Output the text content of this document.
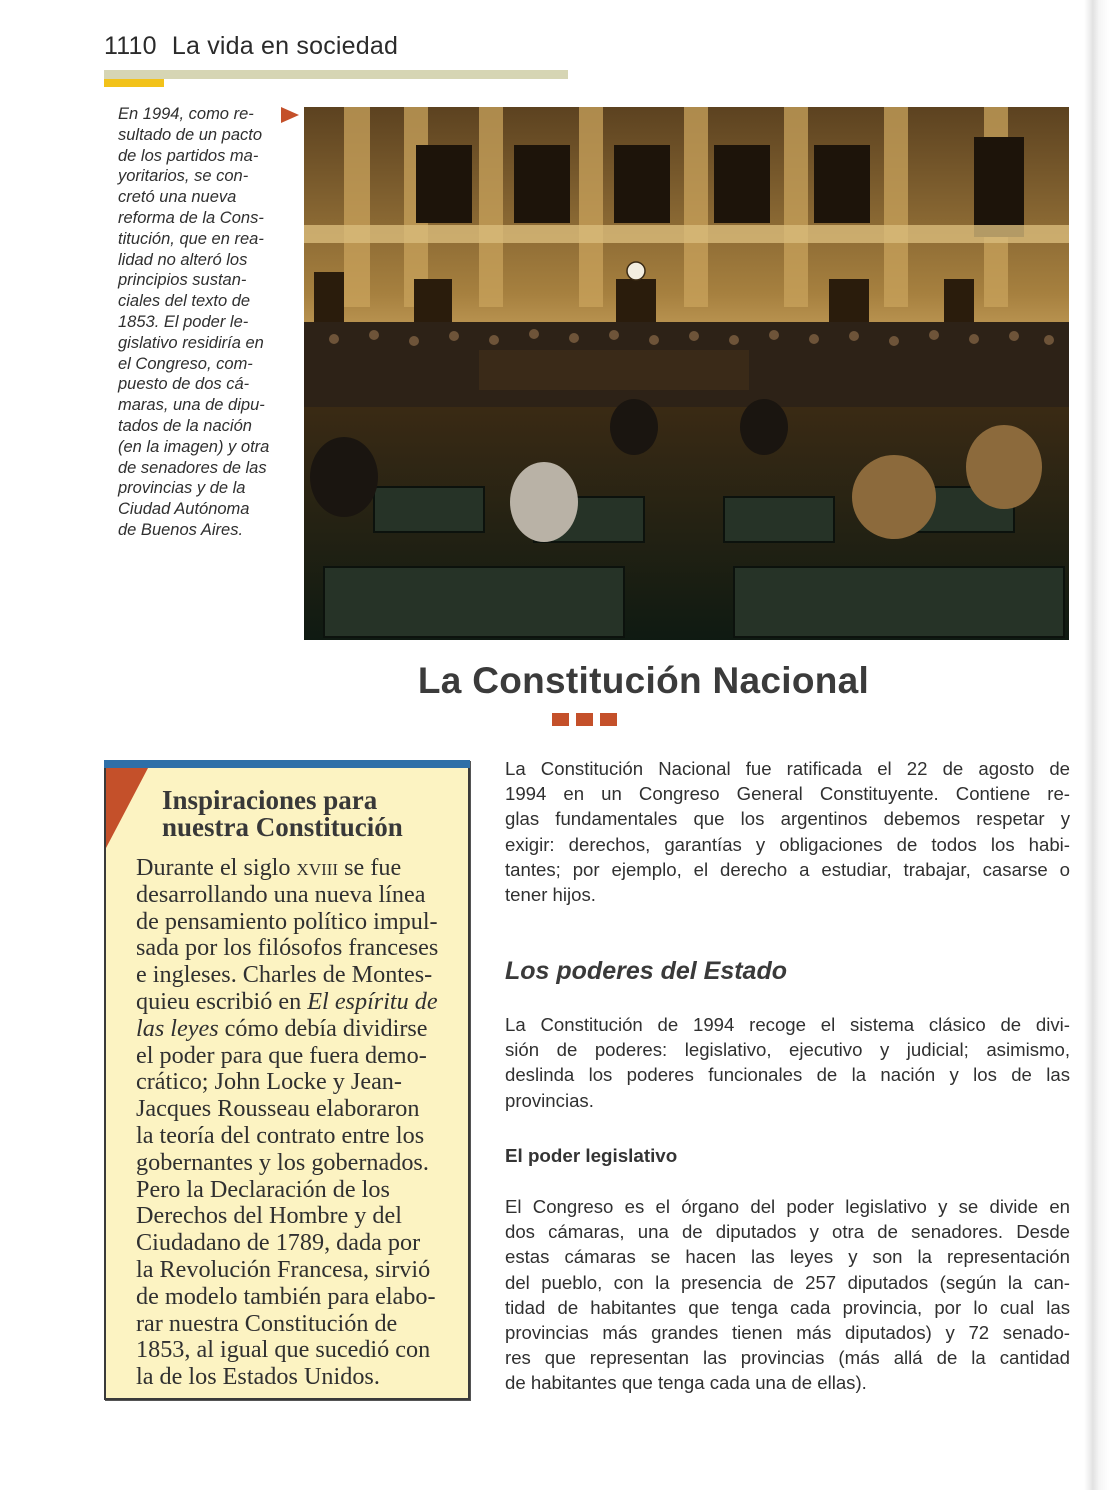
1110 La vida en sociedad
En 1994, como re-
sultado de un pacto
de los partidos ma-
yoritarios, se con-
cretó una nueva
reforma de la Cons-
titución, que en rea-
lidad no alteró los
principios sustan-
ciales del texto de
1853. El poder le-
gislativo residiría en
el Congreso, com-
puesto de dos cá-
maras, una de dipu-
tados de la nación
(en la imagen) y otra
de senadores de las
provincias y de la
Ciudad Autónoma
de Buenos Aires.
La Constitución Nacional
Inspiraciones para
nuestra Constitución
Durante el siglo xviii se fue
desarrollando una nueva línea
de pensamiento político impul-
sada por los filósofos franceses
e ingleses. Charles de Montes-
quieu escribió en El espíritu de
las leyes cómo debía dividirse
el poder para que fuera demo-
crático; John Locke y Jean-
Jacques Rousseau elaboraron
la teoría del contrato entre los
gobernantes y los gobernados.
Pero la Declaración de los
Derechos del Hombre y del
Ciudadano de 1789, dada por
la Revolución Francesa, sirvió
de modelo también para elabo-
rar nuestra Constitución de
1853, al igual que sucedió con
la de los Estados Unidos.
La Constitución Nacional fue ratificada el 22 de agosto de
1994 en un Congreso General Constituyente. Contiene re-
glas fundamentales que los argentinos debemos respetar y
exigir: derechos, garantías y obligaciones de todos los habi-
tantes; por ejemplo, el derecho a estudiar, trabajar, casarse o
tener hijos.
Los poderes del Estado
La Constitución de 1994 recoge el sistema clásico de divi-
sión de poderes: legislativo, ejecutivo y judicial; asimismo,
deslinda los poderes funcionales de la nación y los de las
provincias.
El poder legislativo
El Congreso es el órgano del poder legislativo y se divide en
dos cámaras, una de diputados y otra de senadores. Desde
estas cámaras se hacen las leyes y son la representación
del pueblo, con la presencia de 257 diputados (según la can-
tidad de habitantes que tenga cada provincia, por lo cual las
provincias más grandes tienen más diputados) y 72 senado-
res que representan las provincias (más allá de la cantidad
de habitantes que tenga cada una de ellas).
